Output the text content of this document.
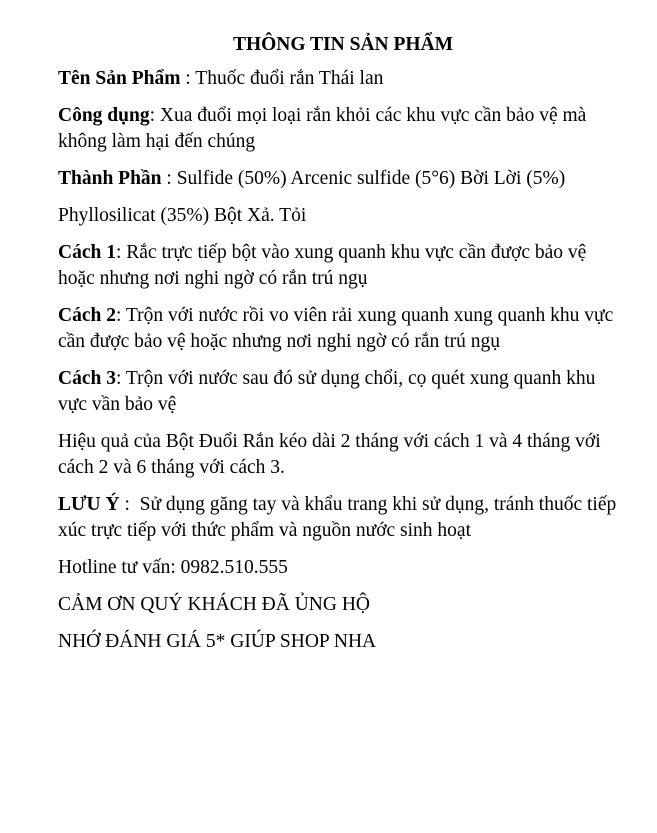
THÔNG TIN SẢN PHẨM

Tên Sản Phẩm : Thuốc đuổi rắn Thái lan

Công dụng: Xua đuổi mọi loại rắn khỏi các khu vực cần bảo vệ mà không làm hại đến chúng

Thành Phần : Sulfide (50%) Arcenic sulfide (5°6) Bời Lời (5%)

Phyllosilicat (35%) Bột Xả. Tỏi

Cách 1: Rắc trực tiếp bột vào xung quanh khu vực cần được bảo vệ hoặc nhưng nơi nghi ngờ có rắn trú ngụ

Cách 2: Trộn với nước rồi vo viên rải xung quanh xung quanh khu vực cần được bảo vệ hoặc nhưng nơi nghi ngờ có rắn trú ngụ

Cách 3: Trộn với nước sau đó sử dụng chổi, cọ quét xung quanh khu vực vần bảo vệ

Hiệu quả của Bột Đuổi Rắn kéo dài 2 tháng với cách 1 và 4 tháng với cách 2 và 6 tháng với cách 3.

LƯU Ý :  Sử dụng găng tay và khẩu trang khi sử dụng, tránh thuốc tiếp xúc trực tiếp với thức phẩm và nguồn nước sinh hoạt

Hotline tư vấn: 0982.510.555

CẢM ƠN QUÝ KHÁCH ĐÃ ỦNG HỘ

NHỚ ĐÁNH GIÁ 5* GIÚP SHOP NHA
